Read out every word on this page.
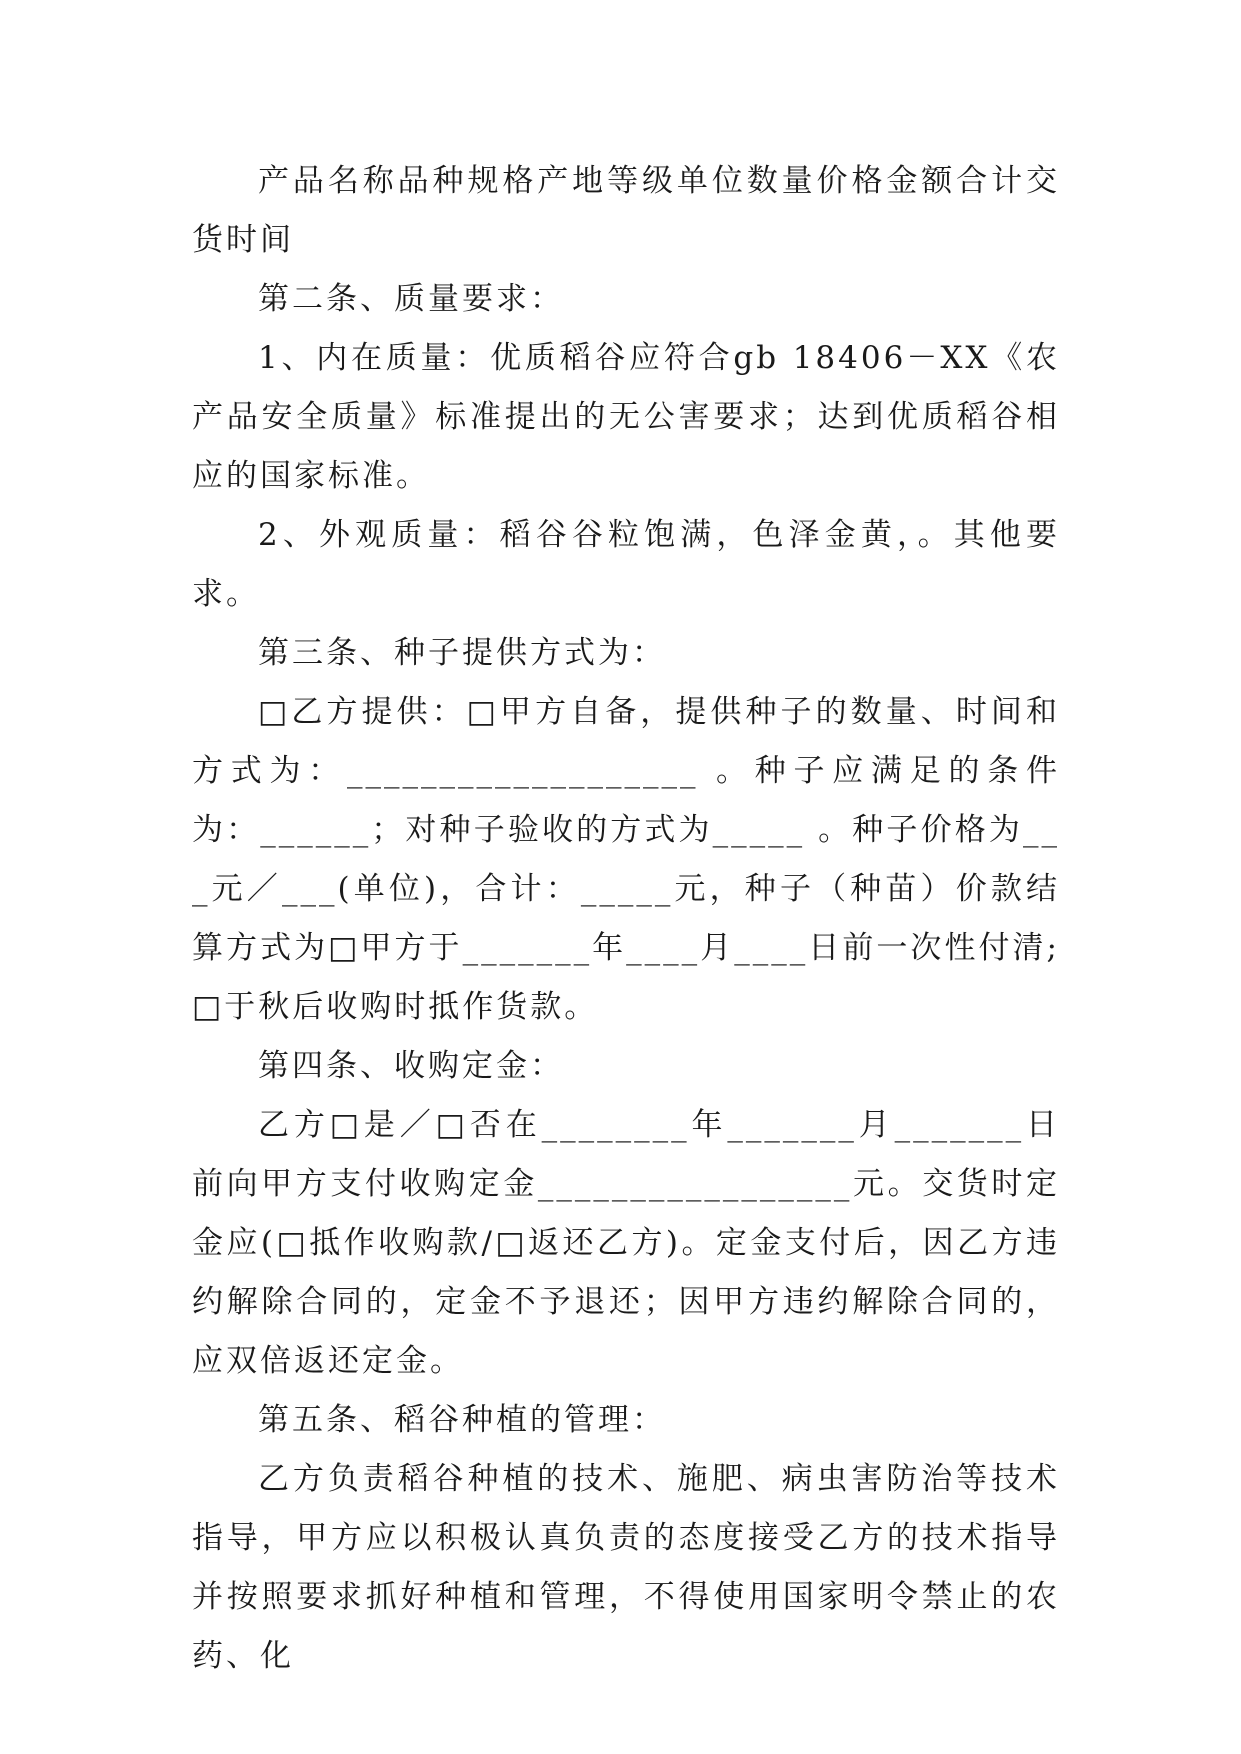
产品名称品种规格产地等级单位数量价格金额合计交货时间

第二条、质量要求：

1、内在质量：优质稻谷应符合gb 18406－XX《农产品安全质量》标准提出的无公害要求；达到优质稻谷相应的国家标准。

2、外观质量：稻谷谷粒饱满，色泽金黄，。其他要求。

第三条、种子提供方式为：

□乙方提供：□甲方自备，提供种子的数量、时间和方式为：___________________ 。种子应满足的条件为：______；对种子验收的方式为_____ 。种子价格为___元／___(单位)，合计：_____元，种子（种苗）价款结算方式为□甲方于_______年____月____日前一次性付清;□于秋后收购时抵作货款。

第四条、收购定金：

乙方□是／□否在________年_______月_______日前向甲方支付收购定金_________________元。交货时定金应(□抵作收购款/□返还乙方)。定金支付后，因乙方违约解除合同的，定金不予退还；因甲方违约解除合同的，应双倍返还定金。

第五条、稻谷种植的管理：

乙方负责稻谷种植的技术、施肥、病虫害防治等技术指导，甲方应以积极认真负责的态度接受乙方的技术指导并按照要求抓好种植和管理，不得使用国家明令禁止的农药、化
